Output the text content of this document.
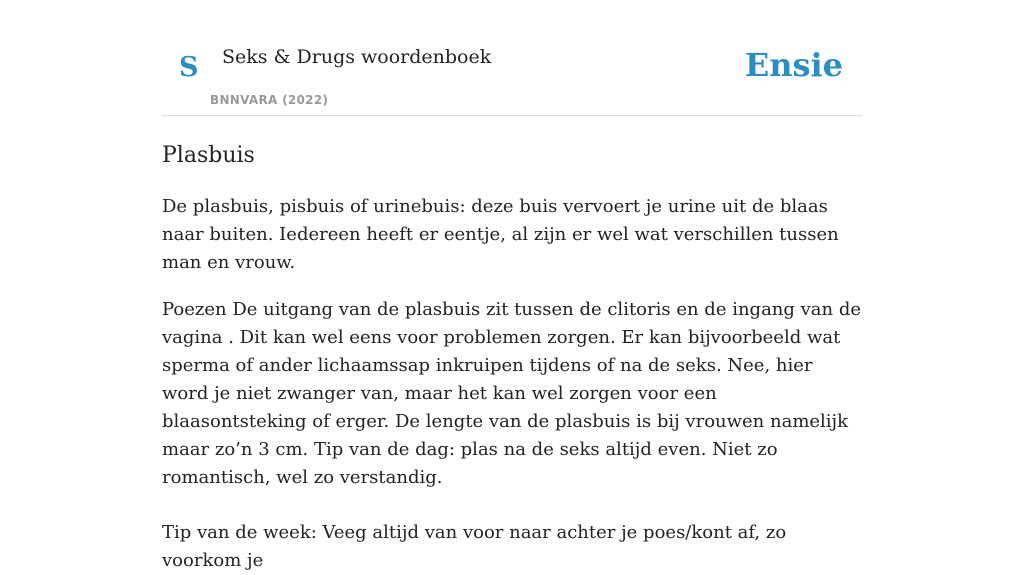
S Seks & Drugs woordenboek
BNNVARA (2022)
Ensie
Plasbuis

De plasbuis, pisbuis of urinebuis: deze buis vervoert je urine uit de blaas naar buiten. Iedereen heeft er eentje, al zijn er wel wat verschillen tussen man en vrouw.

Poezen De uitgang van de plasbuis zit tussen de clitoris en de ingang van de vagina . Dit kan wel eens voor problemen zorgen. Er kan bijvoorbeeld wat sperma of ander lichaamssap inkruipen tijdens of na de seks. Nee, hier word je niet zwanger van, maar het kan wel zorgen voor een blaasontsteking of erger. De lengte van de plasbuis is bij vrouwen namelijk maar zo’n 3 cm. Tip van de dag: plas na de seks altijd even. Niet zo romantisch, wel zo verstandig.

Tip van de week: Veeg altijd van voor naar achter je poes/kont af, zo voorkom je
